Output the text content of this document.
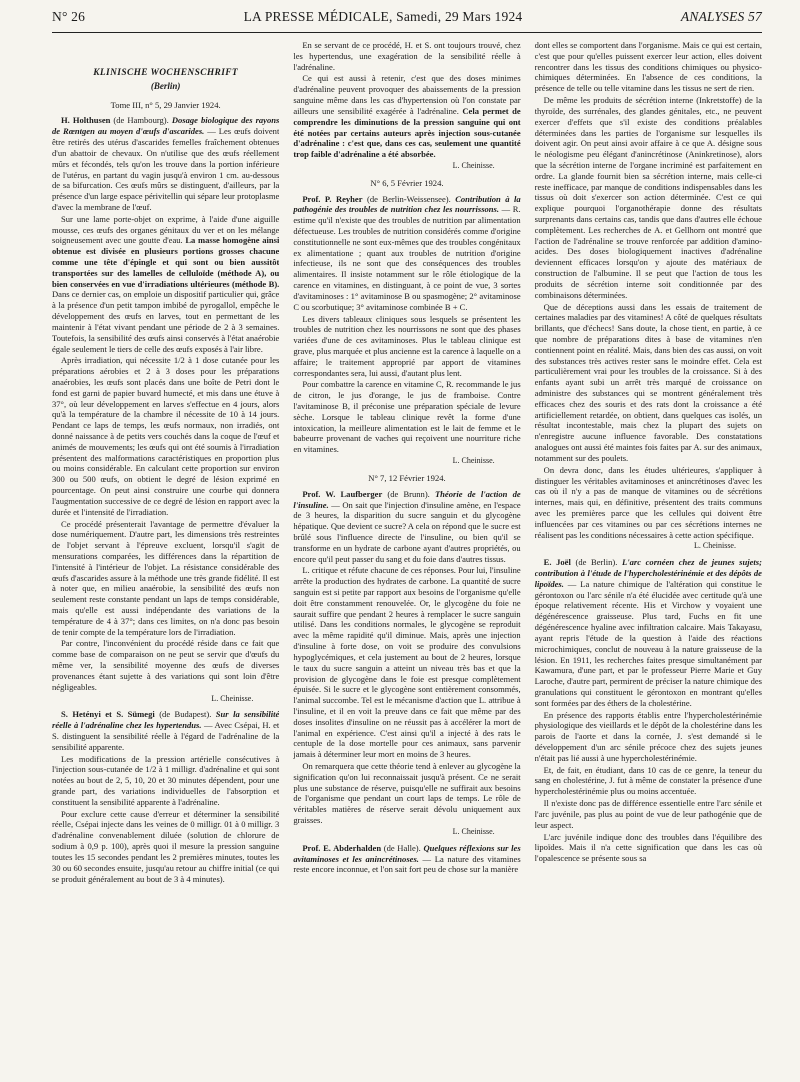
N° 26	LA PRESSE MÉDICALE, Samedi, 29 Mars 1924	ANALYSES 57
KLINISCHE WOCHENSCHRIFT
(Berlin)
Tome III, n° 5, 29 Janvier 1924.

H. Holthusen (de Hambourg). Dosage biologique des rayons de Rœntgen au moyen d'œufs d'ascarides. — Les œufs doivent être retirés des utérus d'ascarides femelles fraîchement obtenues d'un abattoir de chevaux. On n'utilise que des œufs réellement mûrs et fécondés, tels qu'on les trouve dans la portion inférieure de l'utérus, en partant du vagin jusqu'à environ 1 cm. au-dessous de sa bifurcation. Ces œufs mûrs se distinguent, d'ailleurs, par la présence d'un large espace périvitellin qui sépare leur protoplasme d'avec la membrane de l'œuf.

Sur une lame porte-objet on exprime, à l'aide d'une aiguille mousse, ces œufs des organes génitaux du ver et on les mélange soigneusement avec une goutte d'eau. La masse homogène ainsi obtenue est divisée en plusieurs portions grosses chacune comme une tête d'épingle et qui sont ou bien aussitôt transportées sur des lamelles de celluloïde (méthode A), ou bien conservées en vue d'irradiations ultérieures (méthode B). Dans ce dernier cas, on emploie un dispositif particulier qui, grâce à la présence d'un petit tampon imbibé de pyrogallol, empêche le développement des œufs en larves, tout en permettant de les maintenir à l'état vivant pendant une période de 2 à 3 semaines. Toutefois, la sensibilité des œufs ainsi conservés à l'état anaérobie égale seulement le tiers de celle des œufs exposés à l'air libre.

Après irradiation, qui nécessite 1/2 à 1 dose cutanée pour les préparations aérobies et 2 à 3 doses pour les préparations anaérobies, les œufs sont placés dans une boîte de Petri dont le fond est garni de papier buvard humecté, et mis dans une étuve à 37°, où leur développement en larves s'effectue en 4 jours, alors qu'à la température de la chambre il nécessite de 10 à 14 jours. Pendant ce laps de temps, les œufs normaux, non irradiés, ont donné naissance à de petits vers couchés dans la coque de l'œuf et animés de mouvements; les œufs qui ont été soumis à l'irradiation présentent des malformations caractéristiques en proportion plus ou moins considérable. En calculant cette proportion sur environ 300 ou 500 œufs, on obtient le degré de lésion exprimé en pourcentage. On peut ainsi construire une courbe qui donnera l'augmentation successive de ce degré de lésion en rapport avec la durée et l'intensité de l'irradiation.

Ce procédé présenterait l'avantage de permettre d'évaluer la dose numériquement. D'autre part, les dimensions très restreintes de l'objet servant à l'épreuve excluent, lorsqu'il s'agit de mensurations comparées, les différences dans la répartition de l'intensité à l'intérieur de l'objet. La résistance considérable des œufs d'ascarides assure à la méthode une très grande fidélité. Il est à noter que, en milieu anaérobie, la sensibilité des œufs non seulement reste constante pendant un laps de temps considérable, mais qu'elle est aussi indépendante des variations de la température de 4 à 37°; dans ces limites, on n'a donc pas besoin de tenir compte de la température lors de l'irradiation.

Par contre, l'inconvénient du procédé réside dans ce fait que comme base de comparaison on ne peut se servir que d'œufs du même ver, la sensibilité moyenne des œufs de diverses provenances étant sujette à des variations qui sont loin d'être négligeables.

L. Cheinisse.

S. Hetényi et S. Sümegi (de Budapest). Sur la sensibilité réelle à l'adrénaline chez les hypertendus. — Avec Csépai, H. et S. distinguent la sensibilité réelle à l'égard de l'adrénaline de la sensibilité apparente.

Les modifications de la pression artérielle consécutives à l'injection sous-cutanée de 1/2 à 1 milligr. d'adrénaline et qui sont notées au bout de 2, 5, 10, 20 et 30 minutes dépendent, pour une grande part, des variations individuelles de l'absorption et constituent la sensibilité apparente à l'adrénaline.

Pour exclure cette cause d'erreur et déterminer la sensibilité réelle, Csépai injecte dans les veines de 0 milligr. 01 à 0 milligr. 3 d'adrénaline convenablement diluée (solution de chlorure de sodium à 0,9 p. 100), après quoi il mesure la pression sanguine toutes les 15 secondes pendant les 2 premières minutes, toutes les 30 ou 60 secondes ensuite, jusqu'au retour au chiffre initial (ce qui se produit généralement au bout de 3 à 4 minutes).

En se servant de ce procédé, H. et S. ont toujours trouvé, chez les hypertendus, une exagération de la sensibilité réelle à l'adrénaline.

Ce qui est aussi à retenir, c'est que des doses minimes d'adrénaline peuvent provoquer des abaissements de la pression sanguine même dans les cas d'hypertension où l'on constate par ailleurs une sensibilité exagérée à l'adrénaline. Cela permet de comprendre les diminutions de la pression sanguine qui ont été notées par certains auteurs après injection sous-cutanée d'adrénaline : c'est que, dans ces cas, seulement une quantité trop faible d'adrénaline a été absorbée.

L. Cheinisse.
N° 6, 5 Février 1924.

Prof. P. Reyher (de Berlin-Weissensee). Contribution à la pathogénie des troubles de nutrition chez les nourrissons. — R. estime qu'il n'existe que des troubles de nutrition par alimentation défectueuse. Les troubles de nutrition considérés comme d'origine constitutionnelle ne sont eux-mêmes que des troubles congénitaux ex alimentatione ; quant aux troubles de nutrition d'origine infectieuse, ils ne sont que des conséquences des troubles alimentaires. Il insiste notamment sur le rôle étiologique de la carence en vitamines, en distinguant, à ce point de vue, 3 sortes d'avitaminoses : 1° avitaminose B ou spasmogène; 2° avitaminose C ou scorbutique; 3° avitaminose combinée B + C.

Les divers tableaux cliniques sous lesquels se présentent les troubles de nutrition chez les nourrissons ne sont que des phases variées d'une de ces avitaminoses. Plus le tableau clinique est grave, plus marquée et plus ancienne est la carence à laquelle on a affaire; le traitement approprié par apport de vitamines correspondantes sera, lui aussi, d'autant plus lent.

Pour combattre la carence en vitamine C, R. recommande le jus de citron, le jus d'orange, le jus de framboise. Contre l'avitaminose B, il préconise une préparation spéciale de levure sèche. Lorsque le tableau clinique revêt la forme d'une intoxication, la meilleure alimentation est le lait de femme et le babeurre provenant de vaches qui reçoivent une nourriture riche en vitamines.

L. Cheinisse.
N° 7, 12 Février 1924.

Prof. W. Laufberger (de Brunn). Théorie de l'action de l'insuline. — On sait que l'injection d'insuline amène, en l'espace de 3 heures, la disparition du sucre sanguin et du glycogène hépatique. Que devient ce sucre? A cela on répond que le sucre est brûlé sous l'influence directe de l'insuline, ou bien qu'il se transforme en un hydrate de carbone ayant d'autres propriétés, ou encore qu'il peut passer du sang et du foie dans d'autres tissus.

L. critique et réfute chacune de ces réponses. Pour lui, l'insuline arrête la production des hydrates de carbone. La quantité de sucre sanguin est si petite par rapport aux besoins de l'organisme qu'elle doit être constamment renouvelée. Or, le glycogène du foie ne saurait suffire que pendant 2 heures à remplacer le sucre sanguin utilisé. Dans les conditions normales, le glycogène se reproduit avec la même rapidité qu'il diminue. Mais, après une injection d'insuline à forte dose, on voit se produire des convulsions hypoglycémiques, et cela justement au bout de 2 heures, lorsque le taux du sucre sanguin a atteint un niveau très bas et que la provision de glycogène dans le foie est presque complètement épuisée. Si le sucre et le glycogène sont entièrement consommés, l'animal succombe. Tel est le mécanisme d'action que L. attribue à l'insuline, et il en voit la preuve dans ce fait que même par des doses insolites d'insuline on ne réussit pas à accélérer la mort de l'animal en expérience. C'est ainsi qu'il a injecté à des rats le centuple de la dose mortelle pour ces animaux, sans parvenir jamais à déterminer leur mort en moins de 3 heures.

On remarquera que cette théorie tend à enlever au glycogène la signification qu'on lui reconnaissait jusqu'à présent. Ce ne serait plus une substance de réserve, puisqu'elle ne suffirait aux besoins de l'organisme que pendant un court laps de temps. Le rôle de véritables matières de réserve serait dévolu uniquement aux graisses.

L. Cheinisse.

Prof. E. Abderhalden (de Halle). Quelques réflexions sur les avitaminoses et les anincrétinoses. — La nature des vitamines reste encore inconnue, et l'on sait fort peu de chose sur la manière

dont elles se comportent dans l'organisme. Mais ce qui est certain, c'est que pour qu'elles puissent exercer leur action, elles doivent rencontrer dans les tissus des conditions chimiques ou physico-chimiques déterminées. En l'absence de ces conditions, la présence de telle ou telle vitamine dans les tissus ne sert de rien.

De même les produits de sécrétion interne (Inkretstoffe) de la thyroïde, des surrénales, des glandes génitales, etc., ne peuvent exercer d'effets que s'il existe des conditions préalables déterminées dans les parties de l'organisme sur lesquelles ils doivent agir. On peut ainsi avoir affaire à ce que A. désigne sous le néologisme peu élégant d'anincrétinose (Aninkretinose), alors que la sécrétion interne de l'organe incriminé est parfaitement en ordre. La glande fournit bien sa sécrétion interne, mais celle-ci reste inefficace, par manque de conditions indispensables dans les tissus où doit s'exercer son action déterminée. C'est ce qui explique pourquoi l'organothérapie donne des résultats surprenants dans certains cas, tandis que dans d'autres elle échoue complètement. Les recherches de A. et Gellhorn ont montré que l'action de l'adrénaline se trouve renforcée par addition d'amino-acides. Des doses biologiquement inactives d'adrénaline deviennent efficaces lorsqu'on y ajoute des matériaux de construction de l'albumine. Il se peut que l'action de tous les produits de sécrétion interne soit conditionnée par des combinaisons déterminées.

Que de déceptions aussi dans les essais de traitement de certaines maladies par des vitamines! A côté de quelques résultats brillants, que d'échecs! Sans doute, la chose tient, en partie, à ce que nombre de préparations dites à base de vitamines n'en contiennent point en réalité. Mais, dans bien des cas aussi, on voit des substances très actives rester sans le moindre effet. Cela est particulièrement vrai pour les troubles de la croissance. Si à des enfants ayant subi un arrêt très marqué de croissance on administre des substances qui se montrent généralement très efficaces chez des souris et des rats dont la croissance a été artificiellement retardée, on obtient, dans quelques cas isolés, un résultat incontestable, mais chez la plupart des sujets on n'enregistre aucune influence favorable. Des constatations analogues ont aussi été maintes fois faites par A. sur des animaux, notamment sur des poulets.

On devra donc, dans les études ultérieures, s'appliquer à distinguer les véritables avitaminoses et anincrétinoses d'avec les cas où il n'y a pas de manque de vitamines ou de sécrétions internes, mais qui, en définitive, présentent des traits communs avec les premières parce que les cellules qui doivent être influencées par ces vitamines ou par ces sécrétions internes ne réalisent pas les conditions nécessaires à cette action spécifique.

L. Cheinisse.

E. Joël (de Berlin). L'arc cornéen chez de jeunes sujets; contribution à l'étude de l'hypercholestérinémie et des dépôts de lipoïdes. — La nature chimique de l'altération qui constitue le gérontoxon ou l'arc sénile n'a été élucidée avec certitude qu'à une époque relativement récente. His et Virchow y voyaient une dégénérescence graisseuse. Plus tard, Fuchs en fit une dégénérescence hyaline avec infiltration calcaire. Mais Takayasu, ayant repris l'étude de la question à l'aide des réactions microchimiques, conclut de nouveau à la nature graisseuse de la lésion. En 1911, les recherches faites presque simultanément par Kawamura, d'une part, et par le professeur Pierre Marie et Guy Laroche, d'autre part, permirent de préciser la nature chimique des granulations qui constituent le gérontoxon en montrant qu'elles sont formées par des éthers de la cholestérine.

En présence des rapports établis entre l'hypercholestérinémie physiologique des vieillards et le dépôt de la cholestérine dans les parois de l'aorte et dans la cornée, J. s'est demandé si le développement d'un arc sénile précoce chez des sujets jeunes n'était pas lié aussi à une hypercholestérinémie.

Et, de fait, en étudiant, dans 10 cas de ce genre, la teneur du sang en cholestérine, J. fut à même de constater la présence d'une hypercholestérinémie plus ou moins accentuée.

Il n'existe donc pas de différence essentielle entre l'arc sénile et l'arc juvénile, pas plus au point de vue de leur pathogénie que de leur aspect.

L'arc juvénile indique donc des troubles dans l'équilibre des lipoïdes. Mais il n'a cette signification que dans les cas où l'opalescence se présente sous sa
